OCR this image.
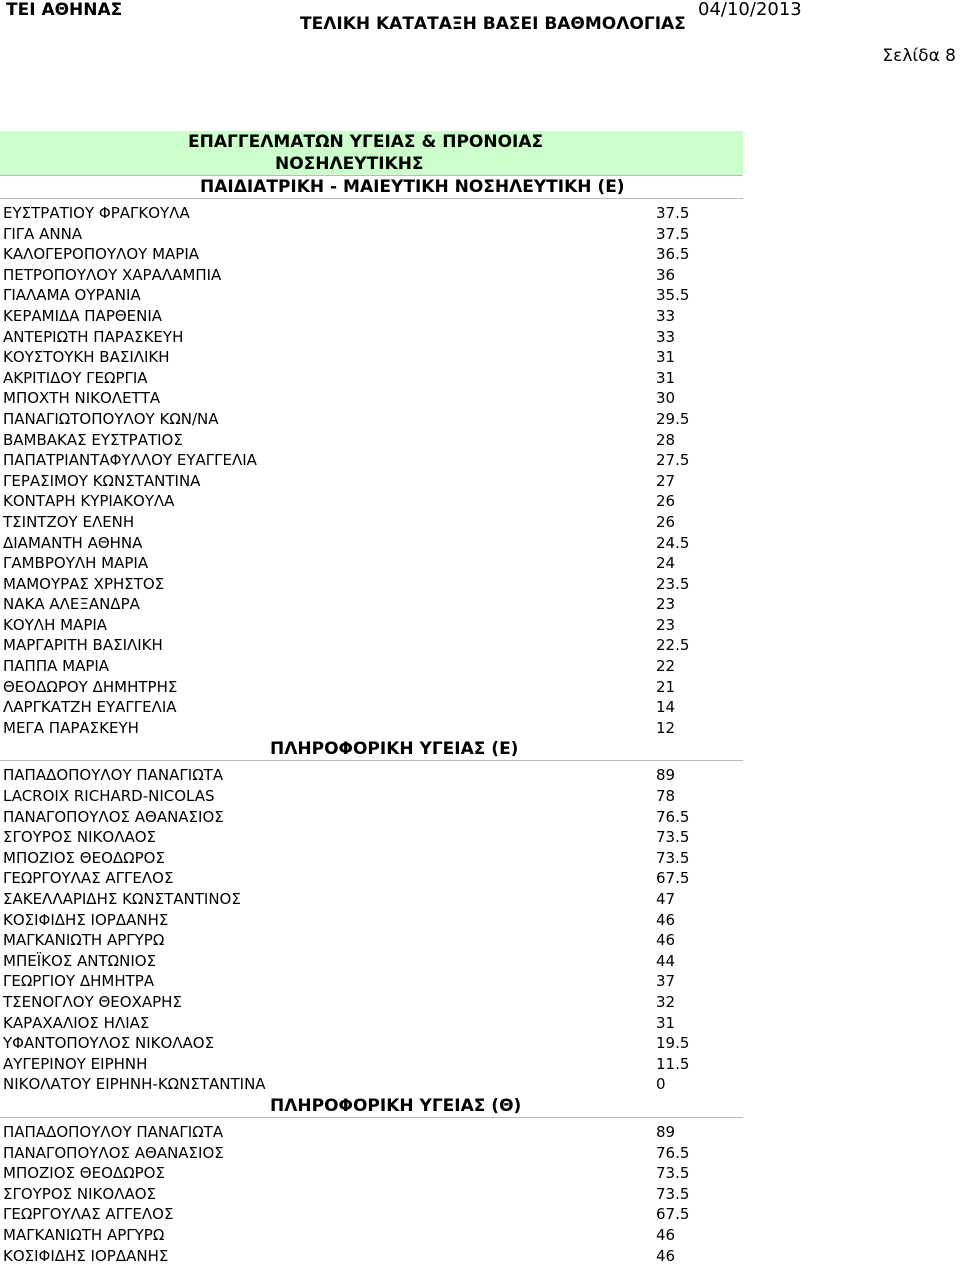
ΤΕΙ ΑΘΗΝΑΣ
ΤΕΛΙΚΗ ΚΑΤΑΤΑΞΗ ΒΑΣΕΙ ΒΑΘΜΟΛΟΓΙΑΣ
04/10/2013
Σελίδα 8
ΕΠΑΓΓΕΛΜΑΤΩΝ ΥΓΕΙΑΣ & ΠΡΟΝΟΙΑΣ
ΝΟΣΗΛΕΥΤΙΚΗΣ
ΠΑΙΔΙΑΤΡΙΚΗ - ΜΑΙΕΥΤΙΚΗ ΝΟΣΗΛΕΥΤΙΚΗ (Ε)
ΕΥΣΤΡΑΤΙΟΥ ΦΡΑΓΚΟΥΛΑ	37.5
ΓΙΓΑ ΑΝΝΑ	37.5
ΚΑΛΟΓΕΡΟΠΟΥΛΟΥ ΜΑΡΙΑ	36.5
ΠΕΤΡΟΠΟΥΛΟΥ ΧΑΡΑΛΑΜΠΙΑ	36
ΓΙΑΛΑΜΑ ΟΥΡΑΝΙΑ	35.5
ΚΕΡΑΜΙΔΑ ΠΑΡΘΕΝΙΑ	33
ΑΝΤΕΡΙΩΤΗ ΠΑΡΑΣΚΕΥΗ	33
ΚΟΥΣΤΟΥΚΗ ΒΑΣΙΛΙΚΗ	31
ΑΚΡΙΤΙΔΟΥ ΓΕΩΡΓΙΑ	31
ΜΠΟΧΤΗ ΝΙΚΟΛΕΤΤΑ	30
ΠΑΝΑΓΙΩΤΟΠΟΥΛΟΥ ΚΩΝ/ΝΑ	29.5
ΒΑΜΒΑΚΑΣ ΕΥΣΤΡΑΤΙΟΣ	28
ΠΑΠΑΤΡΙΑΝΤΑΦΥΛΛΟΥ ΕΥΑΓΓΕΛΙΑ	27.5
ΓΕΡΑΣΙΜΟΥ ΚΩΝΣΤΑΝΤΙΝΑ	27
ΚΟΝΤΑΡΗ ΚΥΡΙΑΚΟΥΛΑ	26
ΤΣΙΝΤΖΟΥ ΕΛΕΝΗ	26
ΔΙΑΜΑΝΤΗ ΑΘΗΝΑ	24.5
ΓΑΜΒΡΟΥΛΗ ΜΑΡΙΑ	24
ΜΑΜΟΥΡΑΣ ΧΡΗΣΤΟΣ	23.5
ΝΑΚΑ ΑΛΕΞΑΝΔΡΑ	23
ΚΟΥΛΗ ΜΑΡΙΑ	23
ΜΑΡΓΑΡΙΤΗ ΒΑΣΙΛΙΚΗ	22.5
ΠΑΠΠΑ ΜΑΡΙΑ	22
ΘΕΟΔΩΡΟΥ ΔΗΜΗΤΡΗΣ	21
ΛΑΡΓΚΑΤΖΗ ΕΥΑΓΓΕΛΙΑ	14
ΜΕΓΑ ΠΑΡΑΣΚΕΥΗ	12
ΠΛΗΡΟΦΟΡΙΚΗ ΥΓΕΙΑΣ (Ε)
ΠΑΠΑΔΟΠΟΥΛΟΥ ΠΑΝΑΓΙΩΤΑ	89
LACROIX RICHARD-NICOLAS	78
ΠΑΝΑΓΟΠΟΥΛΟΣ ΑΘΑΝΑΣΙΟΣ	76.5
ΣΓΟΥΡΟΣ ΝΙΚΟΛΑΟΣ	73.5
ΜΠΟΖΙΟΣ ΘΕΟΔΩΡΟΣ	73.5
ΓΕΩΡΓΟΥΛΑΣ ΑΓΓΕΛΟΣ	67.5
ΣΑΚΕΛΛΑΡΙΔΗΣ ΚΩΝΣΤΑΝΤΙΝΟΣ	47
ΚΟΣΙΦΙΔΗΣ ΙΟΡΔΑΝΗΣ	46
ΜΑΓΚΑΝΙΩΤΗ ΑΡΓΥΡΩ	46
ΜΠΕΪΚΟΣ ΑΝΤΩΝΙΟΣ	44
ΓΕΩΡΓΙΟΥ ΔΗΜΗΤΡΑ	37
ΤΣΕΝΟΓΛΟΥ ΘΕΟΧΑΡΗΣ	32
ΚΑΡΑΧΑΛΙΟΣ ΗΛΙΑΣ	31
ΥΦΑΝΤΟΠΟΥΛΟΣ ΝΙΚΟΛΑΟΣ	19.5
ΑΥΓΕΡΙΝΟΥ ΕΙΡΗΝΗ	11.5
ΝΙΚΟΛΑΤΟΥ ΕΙΡΗΝΗ-ΚΩΝΣΤΑΝΤΙΝΑ	0
ΠΛΗΡΟΦΟΡΙΚΗ ΥΓΕΙΑΣ (Θ)
ΠΑΠΑΔΟΠΟΥΛΟΥ ΠΑΝΑΓΙΩΤΑ	89
ΠΑΝΑΓΟΠΟΥΛΟΣ ΑΘΑΝΑΣΙΟΣ	76.5
ΜΠΟΖΙΟΣ ΘΕΟΔΩΡΟΣ	73.5
ΣΓΟΥΡΟΣ ΝΙΚΟΛΑΟΣ	73.5
ΓΕΩΡΓΟΥΛΑΣ ΑΓΓΕΛΟΣ	67.5
ΜΑΓΚΑΝΙΩΤΗ ΑΡΓΥΡΩ	46
ΚΟΣΙΦΙΔΗΣ ΙΟΡΔΑΝΗΣ	46
